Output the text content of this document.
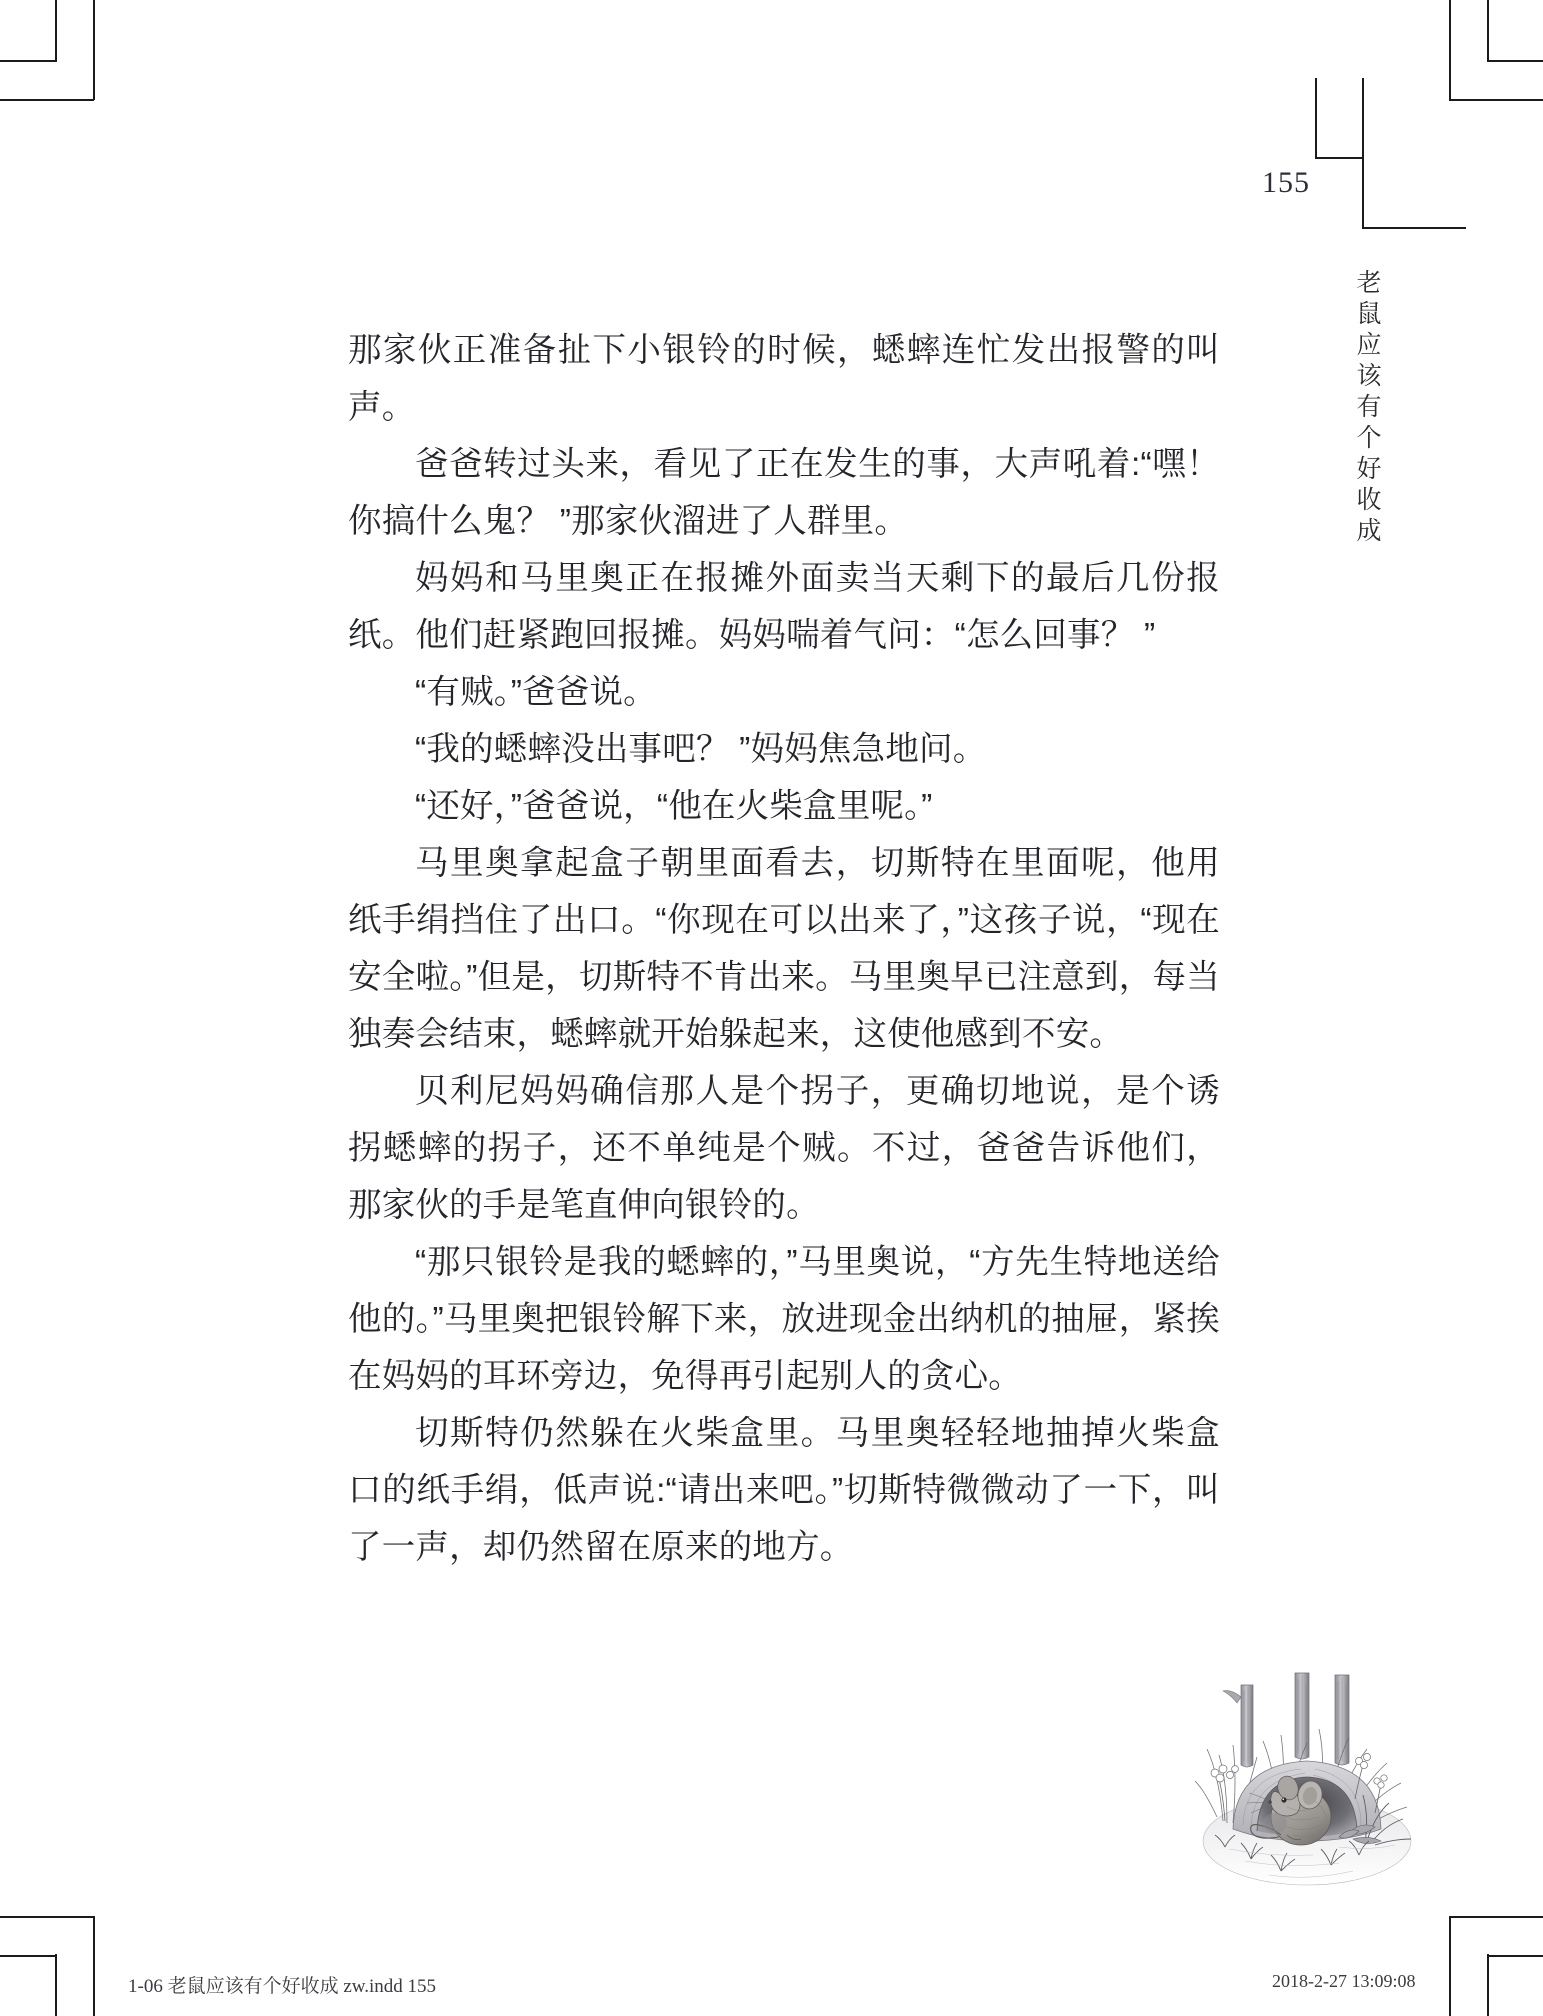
155
老
鼠
应
该
有
个
好
收
成

那家伙正准备扯下小银铃的时候，蟋蟀连忙发出报警的叫声。

爸爸转过头来，看见了正在发生的事，大声吼着:“嘿！你搞什么鬼？ ”那家伙溜进了人群里。

妈妈和马里奥正在报摊外面卖当天剩下的最后几份报纸。他们赶紧跑回报摊。妈妈喘着气问：“怎么回事？ ”

“有贼。”爸爸说。

“我的蟋蟀没出事吧？ ”妈妈焦急地问。

“还好，”爸爸说，“他在火柴盒里呢。”

马里奥拿起盒子朝里面看去，切斯特在里面呢，他用纸手绢挡住了出口。“你现在可以出来了，”这孩子说，“现在安全啦。”但是，切斯特不肯出来。马里奥早已注意到，每当独奏会结束，蟋蟀就开始躲起来，这使他感到不安。

贝利尼妈妈确信那人是个拐子，更确切地说，是个诱拐蟋蟀的拐子，还不单纯是个贼。不过，爸爸告诉他们，那家伙的手是笔直伸向银铃的。

“那只银铃是我的蟋蟀的，”马里奥说，“方先生特地送给他的。”马里奥把银铃解下来，放进现金出纳机的抽屉，紧挨在妈妈的耳环旁边，免得再引起别人的贪心。

切斯特仍然躲在火柴盒里。马里奥轻轻地抽掉火柴盒口的纸手绢，低声说:“请出来吧。”切斯特微微动了一下，叫了一声，却仍然留在原来的地方。

1-06 老鼠应该有个好收成 zw.indd 155	2018-2-27 13:09:08
